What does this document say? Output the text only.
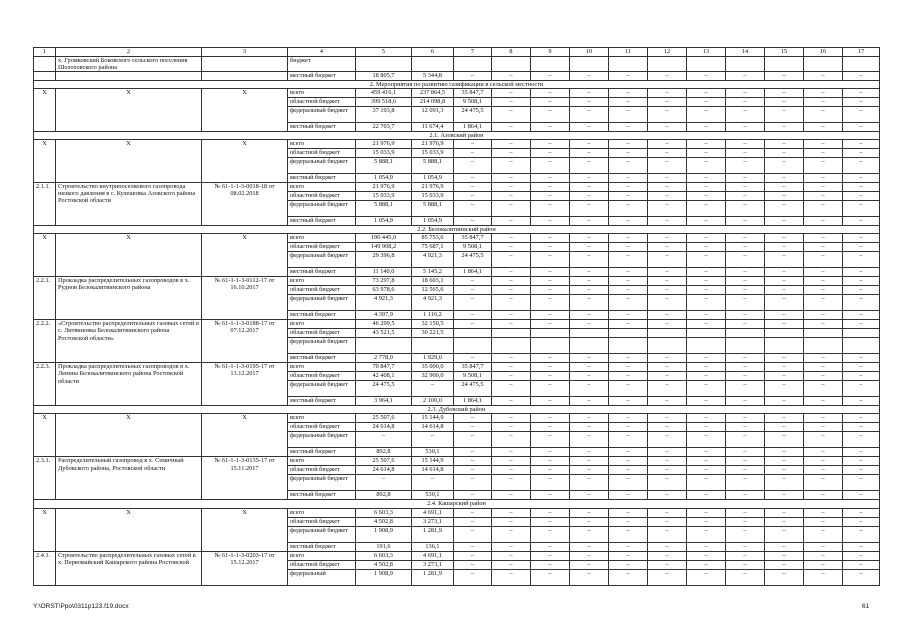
1	2	3	4	5	6	7	8	9	10	11	12	13	14	15	16	17
	х. Громковский Боковского сельского поселения Шолоховского района		бюджет													
			местный бюджет	18 805,7	5 344,8	–	–	–	–	–	–	–	–	–	–	–
2. Мероприятия по развитию газификации в сельской местности																
Х	Х	Х	всего	459 416,1	237 864,5	35 847,7	–	–	–	–	–	–	–	–	–	–
			областной бюджет	399 518,6	214 098,8	9 508,1	–	–	–	–	–	–	–	–	–	–
			федеральный бюджет	37 193,8	12 091,3	24 475,5	–	–	–	–	–	–	–	–	–	–
			местный бюджет	22 703,7	11 674,4	1 864,1	–	–	–	–	–	–	–	–	–	–
2.1. Азовский район																
Х	Х	Х	всего	21 976,9	21 976,9	–	–	–	–	–	–	–	–	–	–	–
			областной бюджет	15 033,9	15 033,9	–	–	–	–	–	–	–	–	–	–	–
			федеральный бюджет	5 888,1	5 888,1	–	–	–	–	–	–	–	–	–	–	–
			местный бюджет	1 054,9	1 054,9	–	–	–	–	–	–	–	–	–	–	–
2.1.1.	Строительство внутрипоселкового газопровода низкого давления в с. Кулешовка Азовского района Ростовской области	№ 61-1-1-3-0018-18 от 08.02.2018	всего	21 976,9	21 976,9	–	–	–	–	–	–	–	–	–	–	–
			областной бюджет	15 033,9	15 033,9	–	–	–	–	–	–	–	–	–	–	–
			федеральный бюджет	5 888,1	5 888,1	–	–	–	–	–	–	–	–	–	–	–
			местный бюджет	1 054,9	1 054,9	–	–	–	–	–	–	–	–	–	–	–
2.2. Белокалитвинский район																
Х	Х	Х	всего	190 445,0	85 753,6	35 847,7	–	–	–	–	–	–	–	–	–	–
			областной бюджет	149 908,2	75 687,1	9 508,1	–	–	–	–	–	–	–	–	–	–
			федеральный бюджет	29 396,8	4 921,3	24 475,5	–	–	–	–	–	–	–	–	–	–
			местный бюджет	11 140,0	5 145,2	1 864,1	–	–	–	–	–	–	–	–	–	–
2.2.1.	Прокладка распределительных газопроводов в х. Руднов Белокалитвинского района	№ 61-1-1-3-0112-17 от 16.10.2017	всего	73 297,8	18 603,1	–	–	–	–	–	–	–	–	–	–	–
			областной бюджет	63 978,6	12 565,6	–	–	–	–	–	–	–	–	–	–	–
			федеральный бюджет	4 921,3	4 921,3	–	–	–	–	–	–	–	–	–	–	–
			местный бюджет	4 397,9	1 116,2	–	–	–	–	–	–	–	–	–	–	–
2.2.2.	«Строительство распределительных газовых сетей в с. Литвиновка Белокалитвинского района Ростовской области»	№ 61-1-1-3-0188-17 от 07.12.2017	всего	46 299,5	32 150,5	–	–	–	–	–	–	–	–	–	–	–
			областной бюджет	43 521,5	30 221,5											
			федеральный бюджет													
			местный бюджет	2 778,0	1 929,0	–	–	–	–	–	–	–	–	–	–	–
2.2.3.	Прокладка распределительных газопроводов в х. Ленина Белокалитвинского района Ростовской области	№ 61-1-1-3-0195-17 от 13.12.2017	всего	70 847,7	35 000,0	35 847,7	–	–	–	–	–	–	–	–	–	–
			областной бюджет	42 408,1	32 900,0	9 508,1	–	–	–	–	–	–	–	–	–	–
			федеральный бюджет	24 475,5	–	24 475,5	–	–	–	–	–	–	–	–	–	–
			местный бюджет	3 964,1	2 100,0	1 864,1	–	–	–	–	–	–	–	–	–	–
2.3. Дубовский район																
Х	Х	Х	всего	25 507,6	15 144,9	–	–	–	–	–	–	–	–	–	–	–
			областной бюджет	24 614,8	14 614,8	–	–	–	–	–	–	–	–	–	–	–
			федеральный бюджет	–	–	–	–	–	–	–	–	–	–	–	–	–
			местный бюджет	892,8	530,1	–	–	–	–	–	–	–	–	–	–	–
2.3.1.	Распределительный газопровод в х. Семичный Дубовского района, Ростовской области	№ 61-1-1-3-0135-17 от 15.11.2017	всего	25 507,6	15 144,9	–	–	–	–	–	–	–	–	–	–	–
			областной бюджет	24 614,8	14 614,8	–	–	–	–	–	–	–	–	–	–	–
			федеральный бюджет	–	–	–	–	–	–	–	–	–	–	–	–	–
			местный бюджет	892,8	530,1	–	–	–	–	–	–	–	–	–	–	–
2.4. Кашарский район																
Х	Х	Х	всего	6 603,3	4 691,1	–	–	–	–	–	–	–	–	–	–	–
			областной бюджет	4 502,8	3 273,1	–	–	–	–	–	–	–	–	–	–	–
			федеральный бюджет	1 908,9	1 281,9	–	–	–	–	–	–	–	–	–	–	–
			местный бюджет	191,6	136,1	–	–	–	–	–	–	–	–	–	–	–
2.4.1.	Строительство распределительных газовых сетей в х. Первомайский Кашарского района Ростовской	№ 61-1-1-3-0203-17 от 15.12.2017	всего	6 603,3	4 691,1	–	–	–	–	–	–	–	–	–	–	–
			областной бюджет	4 502,8	3 273,1	–	–	–	–	–	–	–	–	–	–	–
			федеральный	1 908,9	1 281,9	–	–	–	–	–	–	–	–	–	–	–
Y:\ORST\Ppo\0311p123.f19.docx	61
